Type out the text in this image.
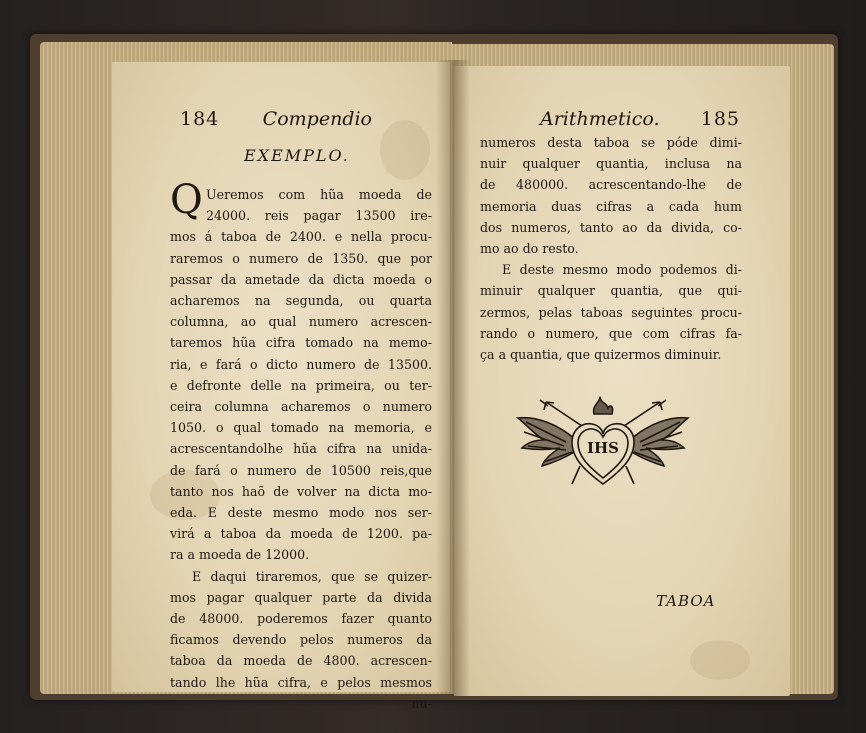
184 Compendio
EXEMPLO.
Q Ueremos com hũa moeda de
24000. reis pagar 13500 ire-
mos á taboa de 2400. e nella procu-
raremos o numero de 1350. que por
passar da ametade da dicta moeda o
acharemos na segunda, ou quarta
columna, ao qual numero acrescen-
taremos hũa cifra tomado na memo-
ria, e fará o dicto numero de 13500.
e defronte delle na primeira, ou ter-
ceira columna acharemos o numero
1050. o qual tomado na memoria, e
acrescentandolhe hũa cifra na unida-
de fará o numero de 10500 reis,que
tanto nos haõ de volver na dicta mo-
eda. E deste mesmo modo nos ser-
virá a taboa da moeda de 1200. pa-
ra a moeda de 12000.
E daqui tiraremos, que se quizer-
mos pagar qualquer parte da divida
de 48000. poderemos fazer quanto
ficamos devendo pelos numeros da
taboa da moeda de 4800. acrescen-
tando lhe hũa cifra, e pelos mesmos
nu-
Arithmetico. 185
numeros desta taboa se póde dimi-
nuir qualquer quantia, inclusa na
de 480000. acrescentando-lhe de
memoria duas cifras a cada hum
dos numeros, tanto ao da divida, co-
mo ao do resto.
E deste mesmo modo podemos di-
minuir qualquer quantia, que qui-
zermos, pelas taboas seguintes procu-
rando o numero, que com cifras fa-
ça a quantia, que quizermos diminuir.
IHS
TABOA
